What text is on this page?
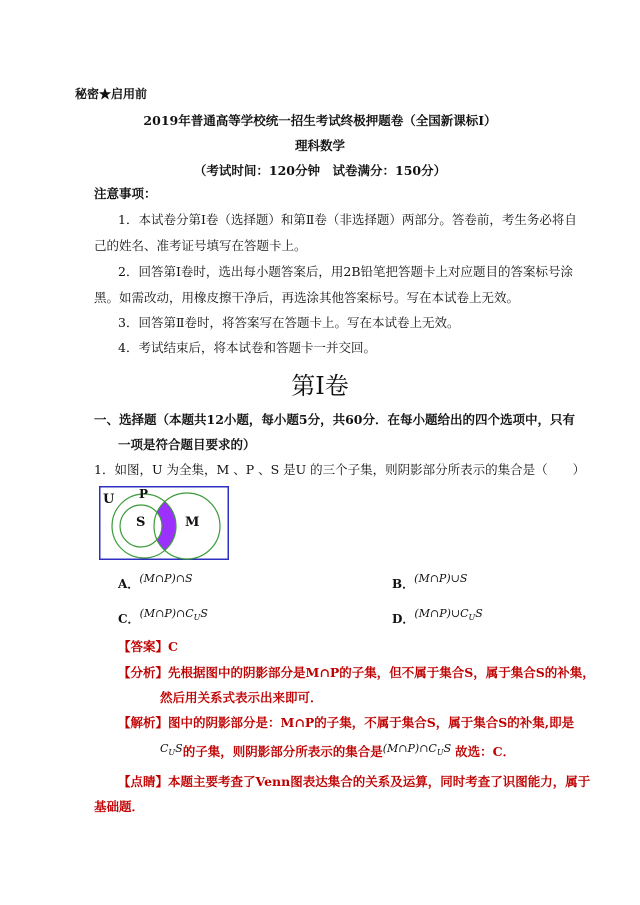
秘密★启用前
2019年普通高等学校统一招生考试终极押题卷（全国新课标I）
理科数学
（考试时间：120分钟　试卷满分：150分）
注意事项：
1．本试卷分第Ⅰ卷（选择题）和第Ⅱ卷（非选择题）两部分。答卷前，考生务必将自
己的姓名、准考证号填写在答题卡上。
2．回答第Ⅰ卷时，选出每小题答案后，用2B铅笔把答题卡上对应题目的答案标号涂
黑。如需改动，用橡皮擦干净后，再选涂其他答案标号。写在本试卷上无效。
3．回答第Ⅱ卷时，将答案写在答题卡上。写在本试卷上无效。
4．考试结束后，将本试卷和答题卡一并交回。
第Ⅰ卷
一、选择题（本题共12小题，每小题5分，共60分．在每小题给出的四个选项中，只有
一项是符合题目要求的）
1．如图，U 为全集，M 、P 、S 是U 的三个子集，则阴影部分所表示的集合是（　　）
U P
S	M
A．$^{(M\cap P)\cap S}$	B．$^{(M\cap P)\cup S}$
C．$^{(M\cap P)\cap C_US}$	D．$^{(M\cap P)\cup C_US}$
【答案】C
【分析】先根据图中的阴影部分是M∩P的子集，但不属于集合S，属于集合S的补集，
然后用关系式表示出来即可．
【解析】图中的阴影部分是：M∩P的子集，不属于集合S，属于集合S的补集,即是
$C_US$的子集，则阴影部分所表示的集合是$(M\cap P)\cap C_US$ 故选：C．
【点睛】本题主要考查了Venn图表达集合的关系及运算，同时考查了识图能力，属于
基础题．
